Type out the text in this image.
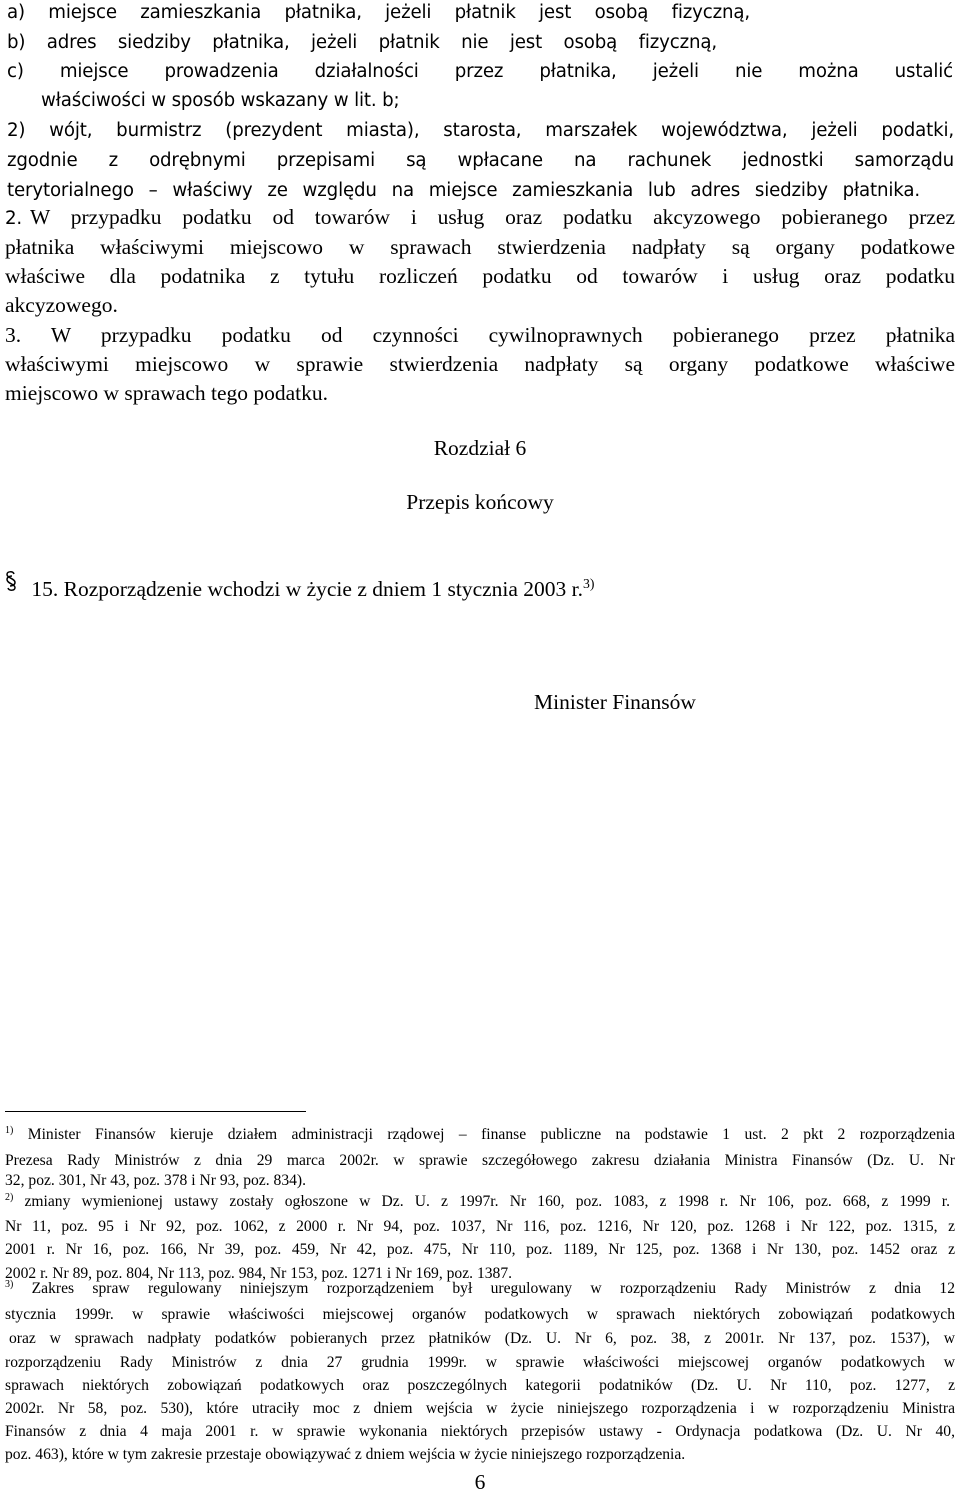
a) miejsce zamieszkania płatnika, jeżeli płatnik jest osobą fizyczną,
b) adres siedziby płatnika, jeżeli płatnik nie jest osobą fizyczną,
c) miejsce prowadzenia działalności przez płatnika, jeżeli nie można ustalić
właściwości w sposób wskazany w lit. b;
2) wójt, burmistrz (prezydent miasta), starosta, marszałek województwa, jeżeli podatki,
zgodnie z odrębnymi przepisami są wpłacane na rachunek jednostki samorządu
terytorialnego – właściwy ze względu na miejsce zamieszkania lub adres siedziby płatnika.
2. W przypadku podatku od towarów i usług oraz podatku akcyzowego pobieranego przez
płatnika właściwymi miejscowo w sprawach stwierdzenia nadpłaty są organy podatkowe
właściwe dla podatnika z tytułu rozliczeń podatku od towarów i usług oraz podatku
akcyzowego.
3. W przypadku podatku od czynności cywilnoprawnych pobieranego przez płatnika
właściwymi miejscowo w sprawie stwierdzenia nadpłaty są organy podatkowe właściwe
miejscowo w sprawach tego podatku.
Rozdział 6
Przepis końcowy
15. Rozporządzenie wchodzi w życie z dniem 1 stycznia 2003 r.$^{3)}$
Minister Finansów
$^{1)}$ Minister Finansów kieruje działem administracji rządowej – finanse publiczne na podstawie 1 ust. 2 pkt 2 rozporządzenia
Prezesa Rady Ministrów z dnia 29 marca 2002r. w sprawie szczegółowego zakresu działania Ministra Finansów (Dz. U. Nr
32, poz. 301, Nr 43, poz. 378 i Nr 93, poz. 834).
$^{2)}$ zmiany wymienionej ustawy zostały ogłoszone w Dz. U. z 1997r. Nr 160, poz. 1083, z 1998 r. Nr 106, poz. 668, z 1999 r.
Nr 11, poz. 95 i Nr 92, poz. 1062, z 2000 r. Nr 94, poz. 1037, Nr 116, poz. 1216, Nr 120, poz. 1268 i Nr 122, poz. 1315, z
2001 r. Nr 16, poz. 166, Nr 39, poz. 459, Nr 42, poz. 475, Nr 110, poz. 1189, Nr 125, poz. 1368 i Nr 130, poz. 1452 oraz z
2002 r. Nr 89, poz. 804, Nr 113, poz. 984, Nr 153, poz. 1271 i Nr 169, poz. 1387.
$^{3)}$ Zakres spraw regulowany niniejszym rozporządzeniem był uregulowany w rozporządzeniu Rady Ministrów z dnia 12
stycznia 1999r. w sprawie właściwości miejscowej organów podatkowych w sprawach niektórych zobowiązań podatkowych
oraz w sprawach nadpłaty podatków pobieranych przez płatników (Dz. U. Nr 6, poz. 38, z 2001r. Nr 137, poz. 1537), w
rozporządzeniu Rady Ministrów z dnia 27 grudnia 1999r. w sprawie właściwości miejscowej organów podatkowych w
sprawach niektórych zobowiązań podatkowych oraz poszczególnych kategorii podatników (Dz. U. Nr 110, poz. 1277, z
2002r. Nr 58, poz. 530), które utraciły moc z dniem wejścia w życie niniejszego rozporządzenia i w rozporządzeniu Ministra
Finansów z dnia 4 maja 2001 r. w sprawie wykonania niektórych przepisów ustawy - Ordynacja podatkowa (Dz. U. Nr 40,
poz. 463), które w tym zakresie przestaje obowiązywać z dniem wejścia w życie niniejszego rozporządzenia.
6
